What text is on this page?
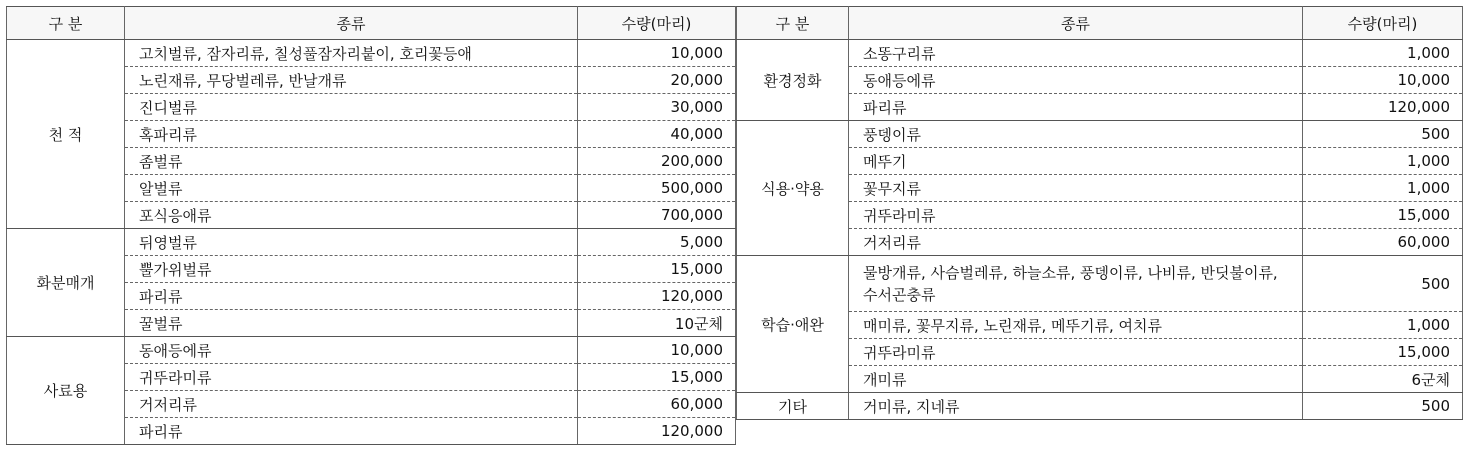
구 분	종류	수량(마리)
천 적	고치벌류, 잠자리류, 칠성풀잠자리붙이, 호리꽃등애	10,000
	노린재류, 무당벌레류, 반날개류	20,000
	진디벌류	30,000
	혹파리류	40,000
	좀벌류	200,000
	알벌류	500,000
	포식응애류	700,000
화분매개	뒤영벌류	5,000
	뿔가위벌류	15,000
	파리류	120,000
	꿀벌류	10군체
사료용	동애등에류	10,000
	귀뚜라미류	15,000
	거저리류	60,000
	파리류	120,000
구 분	종류	수량(마리)
환경정화	소똥구리류	1,000
	동애등에류	10,000
	파리류	120,000
식용·약용	풍뎅이류	500
	메뚜기	1,000
	꽃무지류	1,000
	귀뚜라미류	15,000
	거저리류	60,000
학습·애완	물방개류, 사슴벌레류, 하늘소류, 풍뎅이류, 나비류, 반딧불이류, 수서곤충류	500
	매미류, 꽃무지류, 노린재류, 메뚜기류, 여치류	1,000
	귀뚜라미류	15,000
	개미류	6군체
기타	거미류, 지네류	500
